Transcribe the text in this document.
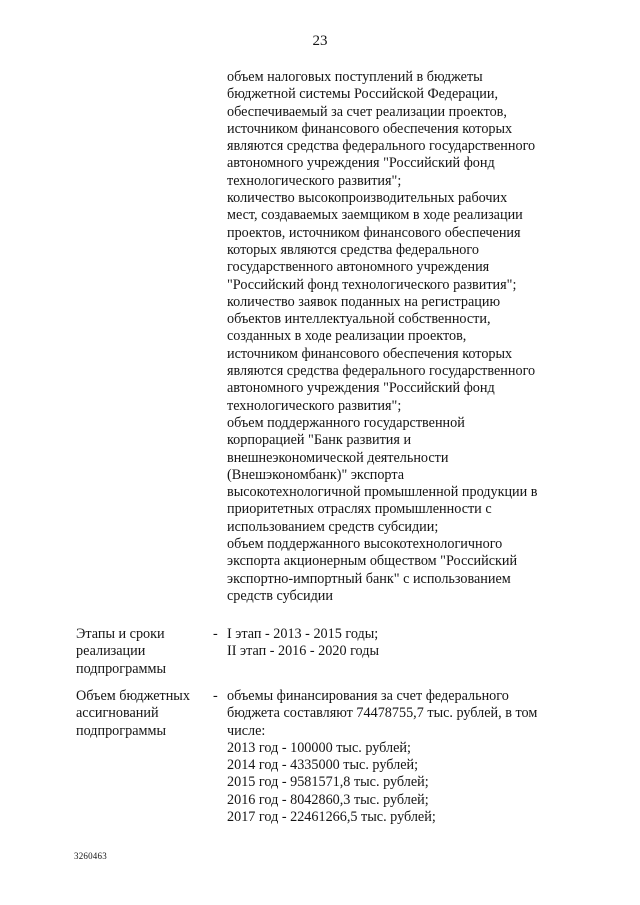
23
объем налоговых поступлений в бюджеты
бюджетной системы Российской Федерации,
обеспечиваемый за счет реализации проектов,
источником финансового обеспечения которых
являются средства федерального государственного
автономного учреждения "Российский фонд
технологического развития";
количество высокопроизводительных рабочих
мест, создаваемых заемщиком в ходе реализации
проектов, источником финансового обеспечения
которых являются средства федерального
государственного автономного учреждения
"Российский фонд технологического развития";
количество заявок поданных на регистрацию
объектов интеллектуальной собственности,
созданных в ходе реализации проектов,
источником финансового обеспечения которых
являются средства федерального государственного
автономного учреждения "Российский фонд
технологического развития";
объем поддержанного государственной
корпорацией "Банк развития и
внешнеэкономической деятельности
(Внешэкономбанк)" экспорта
высокотехнологичной промышленной продукции в
приоритетных отраслях промышленности с
использованием средств субсидии;
объем поддержанного высокотехнологичного
экспорта акционерным обществом "Российский
экспортно-импортный банк" с использованием
средств субсидии
Этапы и сроки
реализации
подпрограммы
- I этап - 2013 - 2015 годы;
II этап - 2016 - 2020 годы
Объем бюджетных
ассигнований
подпрограммы
- объемы финансирования за счет федерального
бюджета составляют 74478755,7 тыс. рублей, в том
числе:
2013 год - 100000 тыс. рублей;
2014 год - 4335000 тыс. рублей;
2015 год - 9581571,8 тыс. рублей;
2016 год - 8042860,3 тыс. рублей;
2017 год - 22461266,5 тыс. рублей;
3260463
